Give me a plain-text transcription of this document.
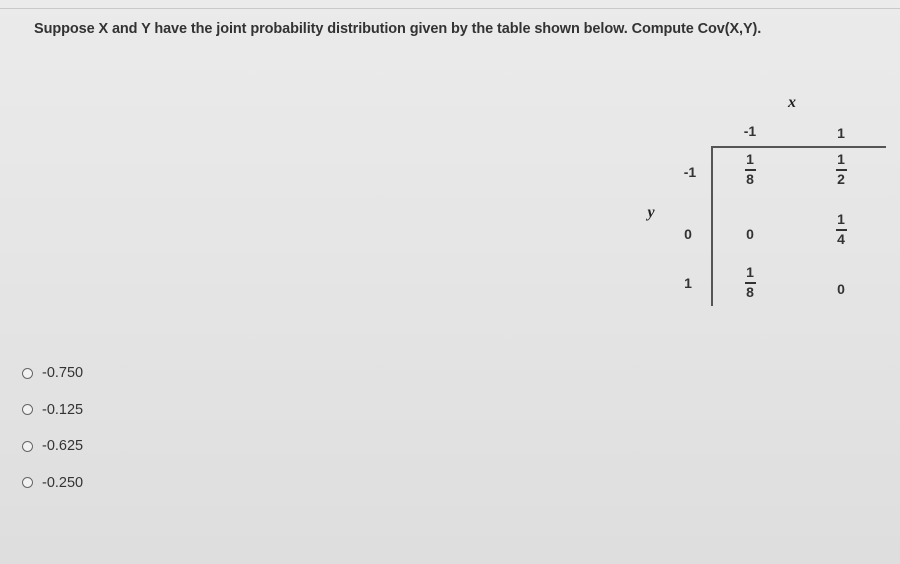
Suppose X and Y have the joint probability distribution given by the table shown below. Compute Cov(X,Y).
x
-1	1
y
-1
0
1
1
8
1
2
0
1
4
1
8	0
-0.750
-0.125
-0.625
-0.250
